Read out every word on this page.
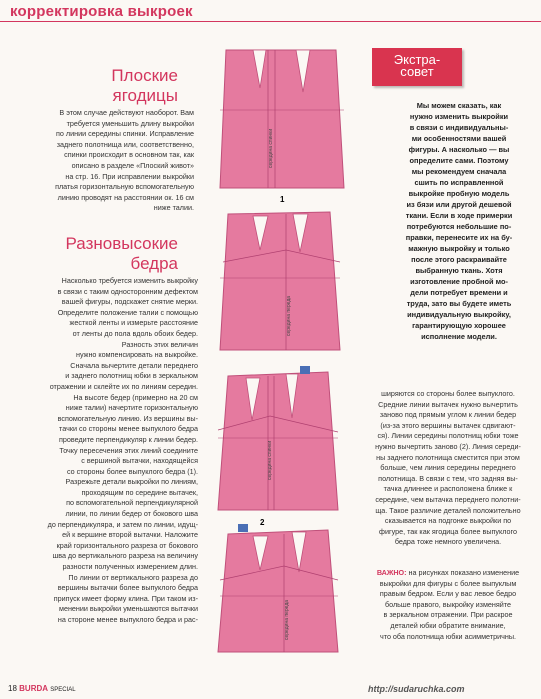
корректировка выкроек
Плоские
ягодицы
В этом случае действуют наоборот. Вам
требуется уменьшить длину выкройки
по линии середины спинки. Исправление
заднего полотнища или, соответственно,
спинки происходит в основном так, как
описано в разделе «Плоский живот»
на стр. 16. При исправлении выкройки
платья горизонтальную вспомогательную
линию проводят на расстоянии ок. 16 см
ниже талии.
Разновысокие
бедра
Насколько требуется изменить выкройку
в связи с таким односторонним дефектом
вашей фигуры, подскажет снятие мерки.
Определите положение талии с помощью
жесткой ленты и измерьте расстояние
от ленты до пола вдоль обоих бедер.
Разность этих величин
нужно компенсировать на выкройке.
Сначала вычертите детали переднего
и заднего полотнищ юбки в зеркальном
отражении и склейте их по линиям середин.
На высоте бедер (примерно на 20 см
ниже талии) начертите горизонтальную
вспомогательную линию. Из вершины вы-
тачки со стороны менее выпуклого бедра
проведите перпендикуляр к линии бедер.
Точку пересечения этих линий соедините
с вершиной вытачки, находящейся
со стороны более выпуклого бедра (1).
Разрежьте детали выкройки по линиям,
проходящим по середине вытачек,
по вспомогательной перпендикулярной
линии, по линии бедер от бокового шва
до перпендикуляра, и затем по линии, идущ-
ей к вершине второй вытачки. Наложите
край горизонтального разреза от бокового
шва до вертикального разреза на величину
разности полученных измерением длин.
По линии от вертикального разреза до
вершины вытачки более выпуклого бедра
припуск имеет форму клина. При таком из-
менении выкройки уменьшаются вытачки
на стороне менее выпуклого бедра и рас-
Экстра-
совет
Мы можем сказать, как
нужно изменить выкройки
в связи с индивидуальны-
ми особенностями вашей
фигуры. А насколько — вы
определите сами. Поэтому
мы рекомендуем сначала
сшить по исправленной
выкройке пробную модель
из бязи или другой дешевой
ткани. Если в ходе примерки
потребуются небольшие по-
правки, перенесите их на бу-
мажную выкройку и только
после этого раскраивайте
выбранную ткань. Хотя
изготовление пробной мо-
дели потребует времени и
труда, зато вы будете иметь
индивидуальную выкройку,
гарантирующую хорошее
исполнение модели.
ширяются со стороны более выпуклого.
Средние линии вытачек нужно вычертить
заново под прямым углом к линии бедер
(из-за этого вершины вытачек сдвигают-
ся). Линии середины полотнищ юбки тоже
нужно вычертить заново (2). Линия середи-
ны заднего полотнища сместится при этом
больше, чем линия середины переднего
полотнища. В связи с тем, что задняя вы-
тачка длиннее и расположена ближе к
середине, чем вытачка переднего полотни-
ща. Такое различие деталей положительно
сказывается на подгонке выкройки по
фигуре, так как ягодица более выпуклого
бедра тоже немного увеличена.
ВАЖНО: на рисунках показано изменение
выкройки для фигуры с более выпуклым
правым бедром. Если у вас левое бедро
больше правого, выкройку изменяйте
в зеркальном отражении. При раскрое
деталей юбки обратите внимание,
что оба полотнища юбки асимметричны.
середина спинки
1
середина переда
середина спинки
2
середина переда
18 BURDA SPECIAL	http://sudaruchka.com
